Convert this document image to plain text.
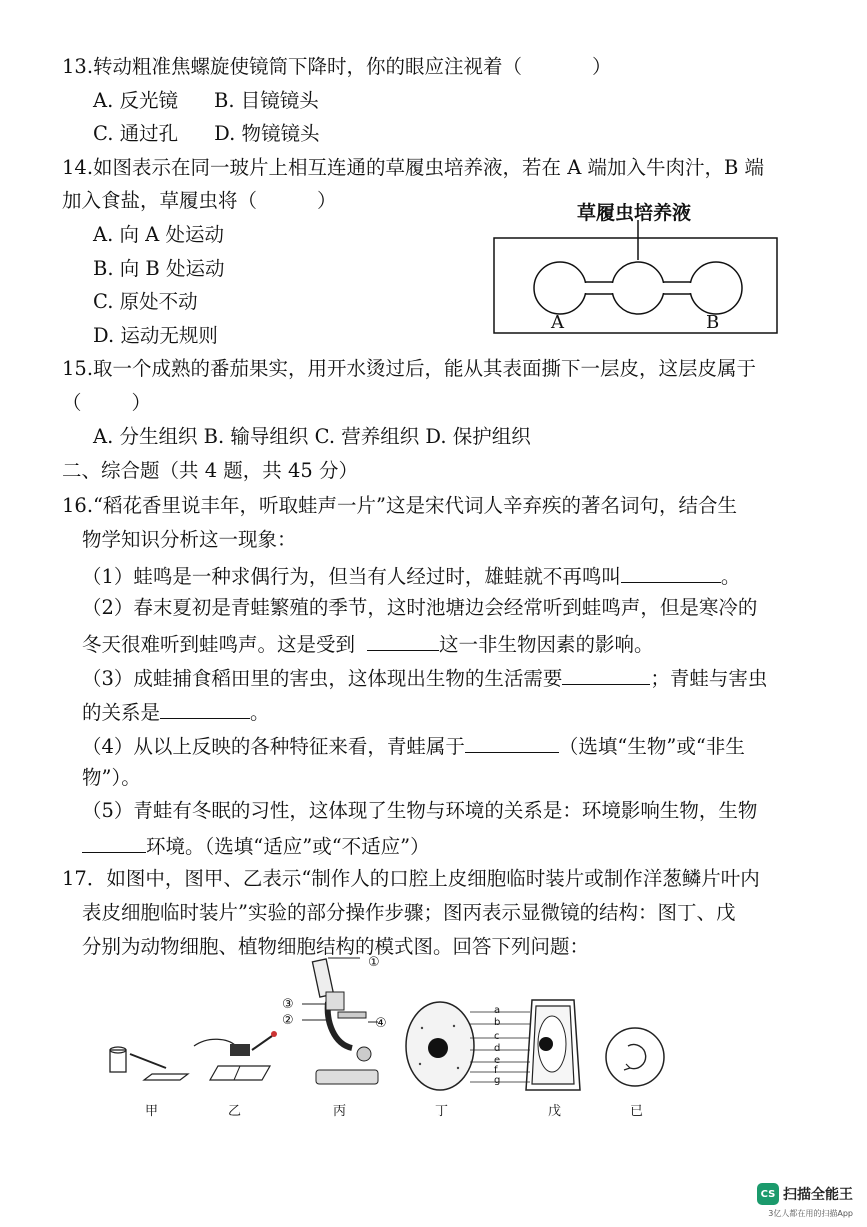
13.转动粗准焦螺旋使镜筒下降时，你的眼应注视着（	）
A. 反光镜 B. 目镜镜头
C. 通过孔 D. 物镜镜头
14.如图表示在同一玻片上相互连通的草履虫培养液，若在 A 端加入牛肉汁，B 端
加入食盐，草履虫将（	）
A. 向 A 处运动
B. 向 B 处运动
C. 原处不动
D. 运动无规则
草履虫培养液
A	B
15.取一个成熟的番茄果实，用开水烫过后，能从其表面撕下一层皮，这层皮属于
（	）
A. 分生组织 B. 输导组织 C. 营养组织 D. 保护组织
二、综合题（共 4 题，共 45 分）
16.“稻花香里说丰年，听取蛙声一片”这是宋代词人辛弃疾的著名词句，结合生
物学知识分析这一现象：
（1）蛙鸣是一种求偶行为，但当有人经过时，雄蛙就不再鸣叫	。
（2）春末夏初是青蛙繁殖的季节，这时池塘边会经常听到蛙鸣声，但是寒冷的
冬天很难听到蛙鸣声。这是受到	这一非生物因素的影响。
（3）成蛙捕食稻田里的害虫，这体现出生物的生活需要	；青蛙与害虫
的关系是	。
（4）从以上反映的各种特征来看，青蛙属于	（选填“生物”或“非生
物”）。
（5）青蛙有冬眠的习性，这体现了生物与环境的关系是：环境影响生物，生物
环境。（选填“适应”或“不适应”）
17．如图中，图甲、乙表示“制作人的口腔上皮细胞临时装片或制作洋葱鳞片叶内
表皮细胞临时装片”实验的部分操作步骤；图丙表示显微镜的结构：图丁、戊
分别为动物细胞、植物细胞结构的模式图。回答下列问题：
①
②
③
④
a
b
c
d
e
f
g
甲	乙	丙	丁	戊	已
CS 扫描全能王
3亿人都在用的扫描App
